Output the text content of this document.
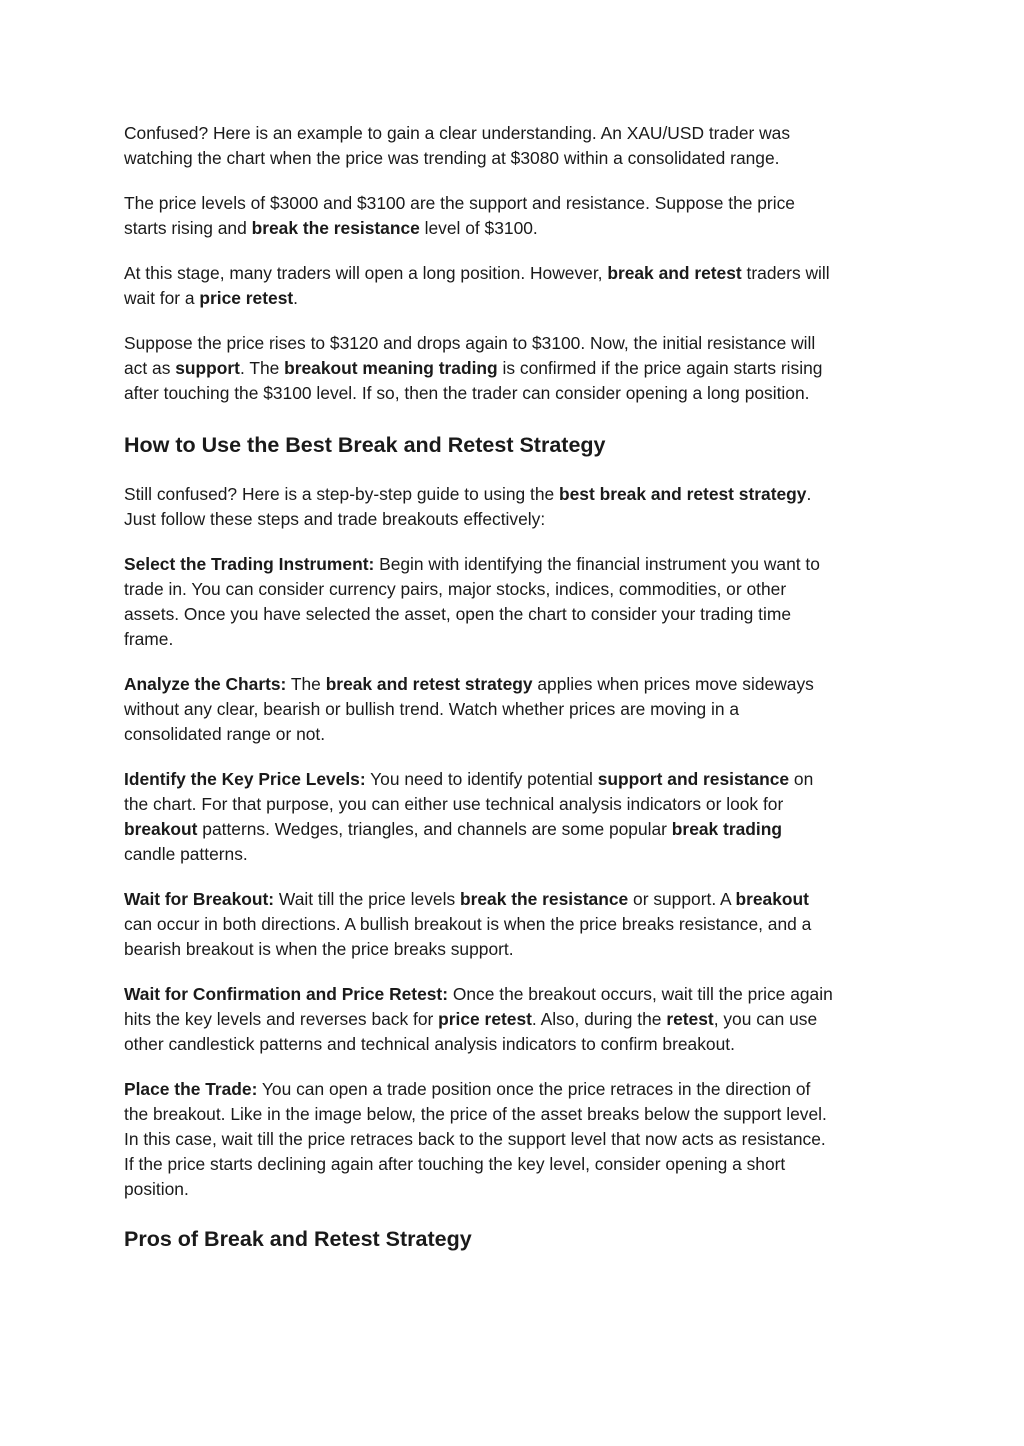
Confused? Here is an example to gain a clear understanding. An XAU/USD trader was
watching the chart when the price was trending at $3080 within a consolidated range.

The price levels of $3000 and $3100 are the support and resistance. Suppose the price
starts rising and break the resistance level of $3100.

At this stage, many traders will open a long position. However, break and retest traders will
wait for a price retest.

Suppose the price rises to $3120 and drops again to $3100. Now, the initial resistance will
act as support. The breakout meaning trading is confirmed if the price again starts rising
after touching the $3100 level. If so, then the trader can consider opening a long position.

How to Use the Best Break and Retest Strategy

Still confused? Here is a step-by-step guide to using the best break and retest strategy.
Just follow these steps and trade breakouts effectively:

Select the Trading Instrument: Begin with identifying the financial instrument you want to
trade in. You can consider currency pairs, major stocks, indices, commodities, or other
assets. Once you have selected the asset, open the chart to consider your trading time
frame.

Analyze the Charts: The break and retest strategy applies when prices move sideways
without any clear, bearish or bullish trend. Watch whether prices are moving in a
consolidated range or not.

Identify the Key Price Levels: You need to identify potential support and resistance on
the chart. For that purpose, you can either use technical analysis indicators or look for
breakout patterns. Wedges, triangles, and channels are some popular break trading
candle patterns.

Wait for Breakout: Wait till the price levels break the resistance or support. A breakout
can occur in both directions. A bullish breakout is when the price breaks resistance, and a
bearish breakout is when the price breaks support.

Wait for Confirmation and Price Retest: Once the breakout occurs, wait till the price again
hits the key levels and reverses back for price retest. Also, during the retest, you can use
other candlestick patterns and technical analysis indicators to confirm breakout.

Place the Trade: You can open a trade position once the price retraces in the direction of
the breakout. Like in the image below, the price of the asset breaks below the support level.
In this case, wait till the price retraces back to the support level that now acts as resistance.
If the price starts declining again after touching the key level, consider opening a short
position.

Pros of Break and Retest Strategy
